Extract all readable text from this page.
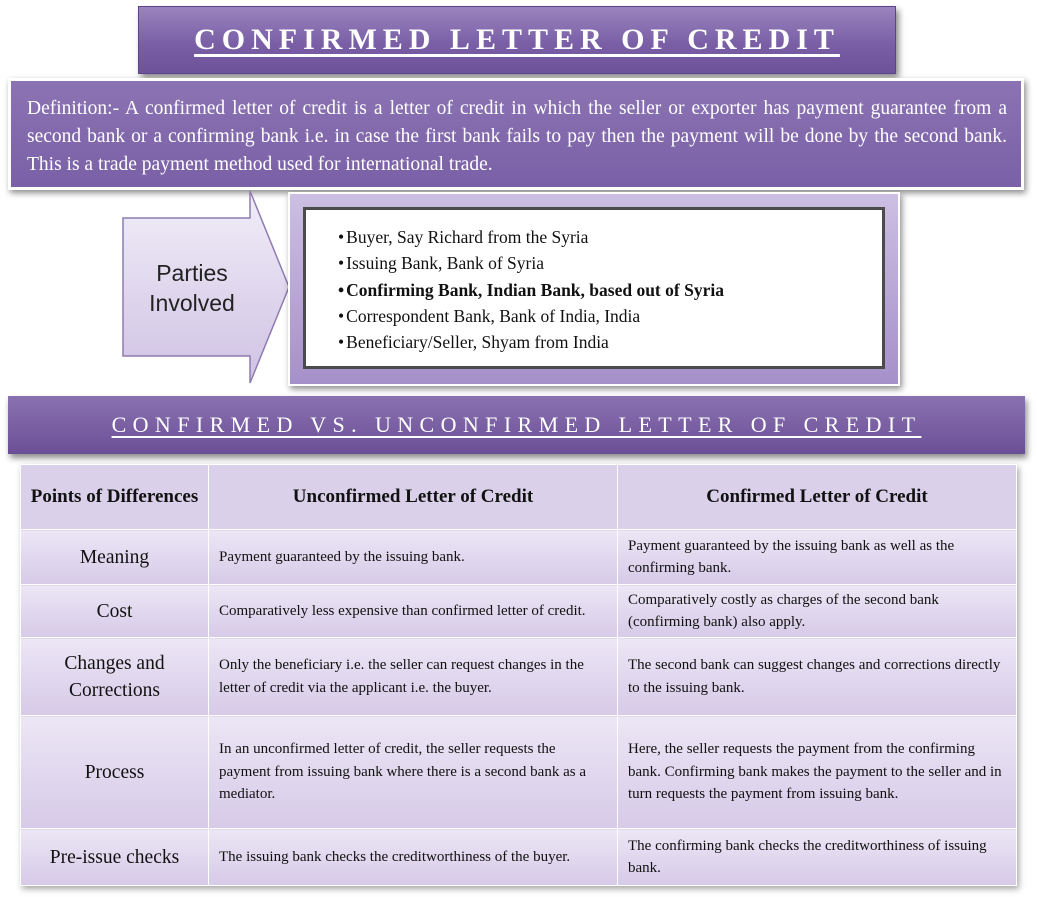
CONFIRMED LETTER OF CREDIT
Definition:- A confirmed letter of credit is a letter of credit in which the seller or exporter has payment guarantee from a second bank or a confirming bank i.e. in case the first bank fails to pay then the payment will be done by the second bank. This is a trade payment method used for international trade.
Parties Involved
• Buyer, Say Richard from the Syria
• Issuing Bank, Bank of Syria
• Confirming Bank, Indian Bank, based out of Syria
• Correspondent Bank, Bank of India, India
• Beneficiary/Seller, Shyam from India
CONFIRMED VS. UNCONFIRMED LETTER OF CREDIT
Points of Differences	Unconfirmed Letter of Credit	Confirmed Letter of Credit
Meaning	Payment guaranteed by the issuing bank.	Payment guaranteed by the issuing bank as well as the confirming bank.
Cost	Comparatively less expensive than confirmed letter of credit.	Comparatively costly as charges of the second bank (confirming bank) also apply.
Changes and Corrections	Only the beneficiary i.e. the seller can request changes in the letter of credit via the applicant i.e. the buyer.	The second bank can suggest changes and corrections directly to the issuing bank.
Process	In an unconfirmed letter of credit, the seller requests the payment from issuing bank where there is a second bank as a mediator.	Here, the seller requests the payment from the confirming bank. Confirming bank makes the payment to the seller and in turn requests the payment from issuing bank.
Pre-issue checks	The issuing bank checks the creditworthiness of the buyer.	The confirming bank checks the creditworthiness of issuing bank.
